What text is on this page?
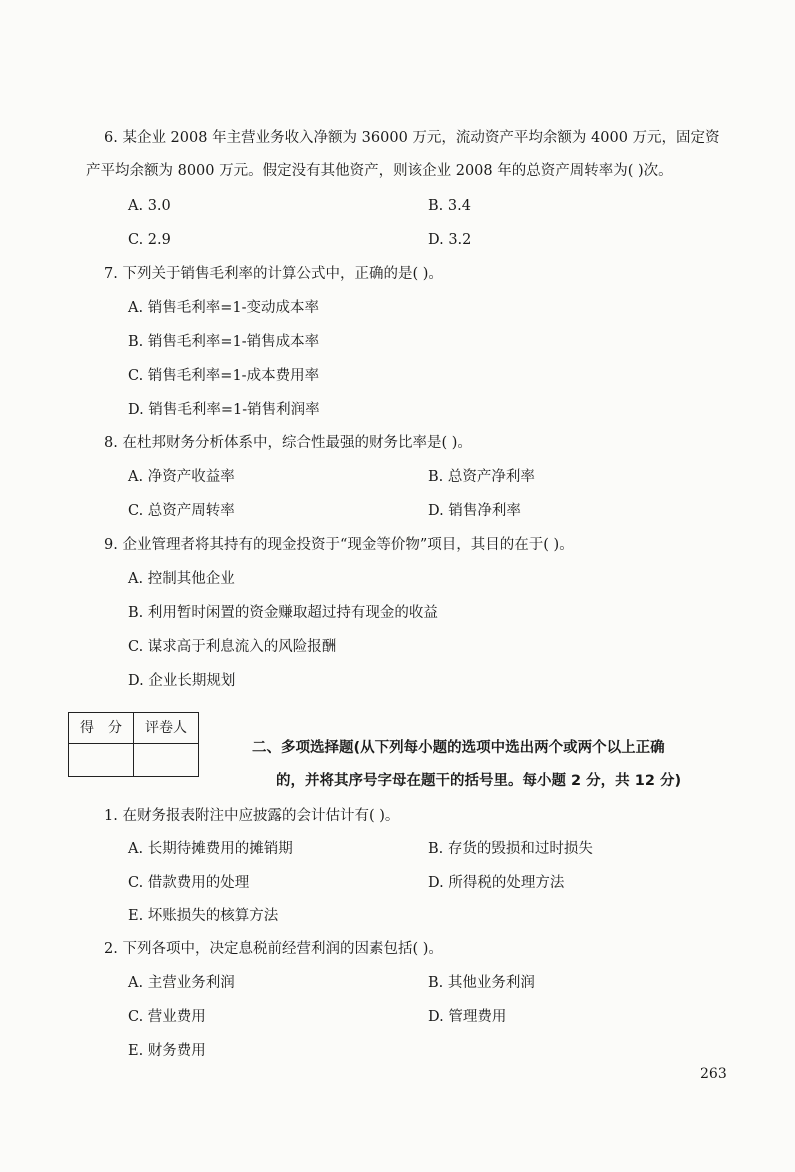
6. 某企业 2008 年主营业务收入净额为 36000 万元，流动资产平均余额为 4000 万元，固定资
产平均余额为 8000 万元。假定没有其他资产，则该企业 2008 年的总资产周转率为( )次。
A. 3.0	B. 3.4
C. 2.9	D. 3.2
7. 下列关于销售毛利率的计算公式中，正确的是( )。
A. 销售毛利率=1-变动成本率
B. 销售毛利率=1-销售成本率
C. 销售毛利率=1-成本费用率
D. 销售毛利率=1-销售利润率
8. 在杜邦财务分析体系中，综合性最强的财务比率是( )。
A. 净资产收益率	B. 总资产净利率
C. 总资产周转率	D. 销售净利率
9. 企业管理者将其持有的现金投资于“现金等价物”项目，其目的在于( )。
A. 控制其他企业
B. 利用暂时闲置的资金赚取超过持有现金的收益
C. 谋求高于利息流入的风险报酬
D. 企业长期规划
得　分	评卷人

二、多项选择题(从下列每小题的选项中选出两个或两个以上正确
的，并将其序号字母在题干的括号里。每小题 2 分，共 12 分)
1. 在财务报表附注中应披露的会计估计有( )。
A. 长期待摊费用的摊销期	B. 存货的毁损和过时损失
C. 借款费用的处理	D. 所得税的处理方法
E. 坏账损失的核算方法
2. 下列各项中，决定息税前经营利润的因素包括( )。
A. 主营业务利润	B. 其他业务利润
C. 营业费用	D. 管理费用
E. 财务费用
263
